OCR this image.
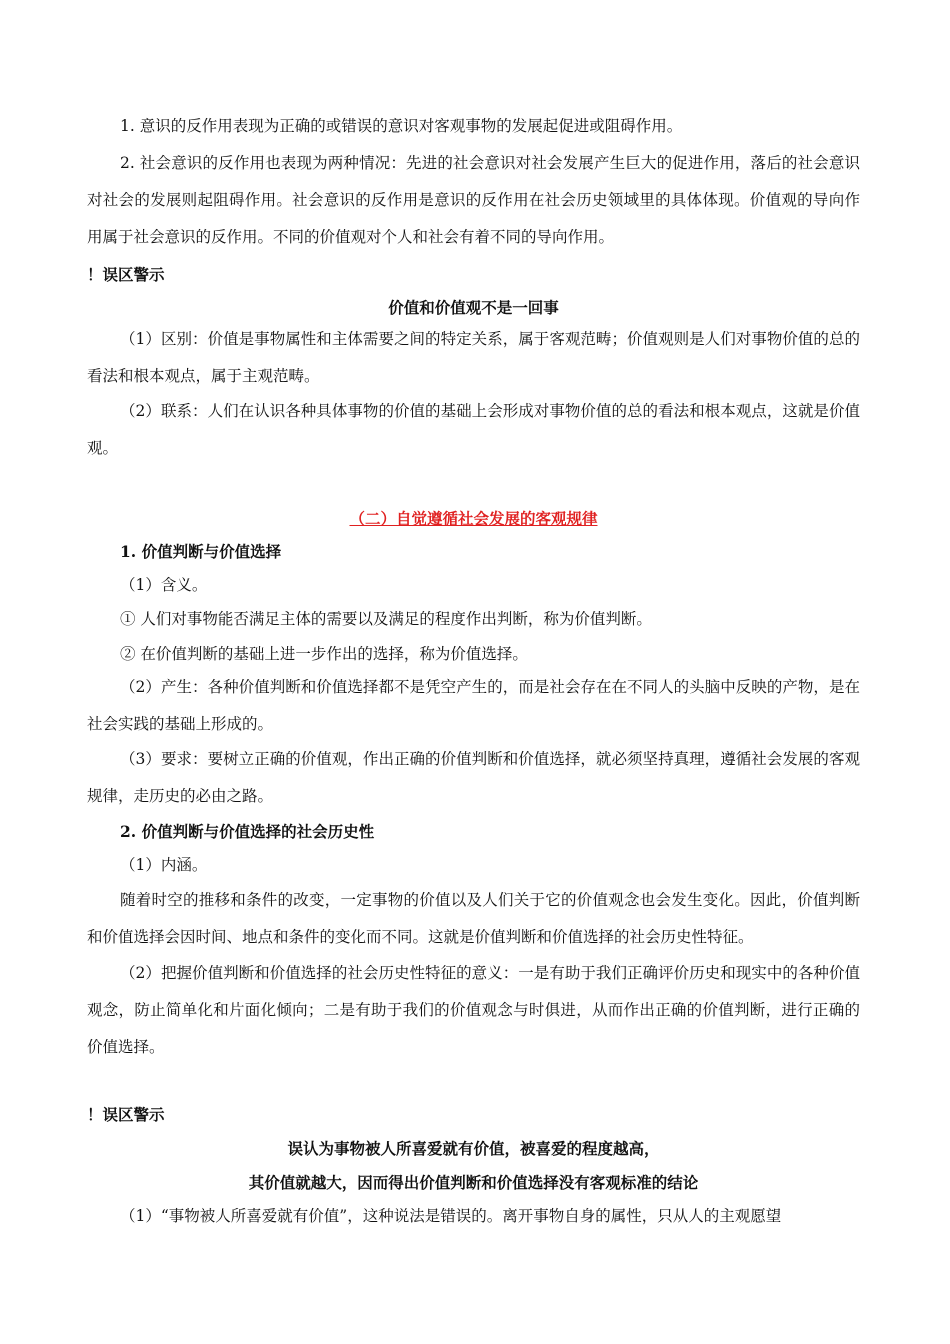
1. 意识的反作用表现为正确的或错误的意识对客观事物的发展起促进或阻碍作用。

2. 社会意识的反作用也表现为两种情况：先进的社会意识对社会发展产生巨大的促进作用，落后的社会意识对社会的发展则起阻碍作用。社会意识的反作用是意识的反作用在社会历史领域里的具体体现。价值观的导向作用属于社会意识的反作用。不同的价值观对个人和社会有着不同的导向作用。

！误区警示

价值和价值观不是一回事

（1）区别：价值是事物属性和主体需要之间的特定关系，属于客观范畴；价值观则是人们对事物价值的总的看法和根本观点，属于主观范畴。

（2）联系：人们在认识各种具体事物的价值的基础上会形成对事物价值的总的看法和根本观点，这就是价值观。

（二）自觉遵循社会发展的客观规律

1. 价值判断与价值选择

（1）含义。

① 人们对事物能否满足主体的需要以及满足的程度作出判断，称为价值判断。

② 在价值判断的基础上进一步作出的选择，称为价值选择。

（2）产生：各种价值判断和价值选择都不是凭空产生的，而是社会存在在不同人的头脑中反映的产物，是在社会实践的基础上形成的。

（3）要求：要树立正确的价值观，作出正确的价值判断和价值选择，就必须坚持真理，遵循社会发展的客观规律，走历史的必由之路。

2. 价值判断与价值选择的社会历史性

（1）内涵。

随着时空的推移和条件的改变，一定事物的价值以及人们关于它的价值观念也会发生变化。因此，价值判断和价值选择会因时间、地点和条件的变化而不同。这就是价值判断和价值选择的社会历史性特征。

（2）把握价值判断和价值选择的社会历史性特征的意义：一是有助于我们正确评价历史和现实中的各种价值观念，防止简单化和片面化倾向；二是有助于我们的价值观念与时俱进，从而作出正确的价值判断，进行正确的价值选择。

！误区警示

误认为事物被人所喜爱就有价值，被喜爱的程度越高，

其价值就越大，因而得出价值判断和价值选择没有客观标准的结论

（1）“事物被人所喜爱就有价值”，这种说法是错误的。离开事物自身的属性，只从人的主观愿望
